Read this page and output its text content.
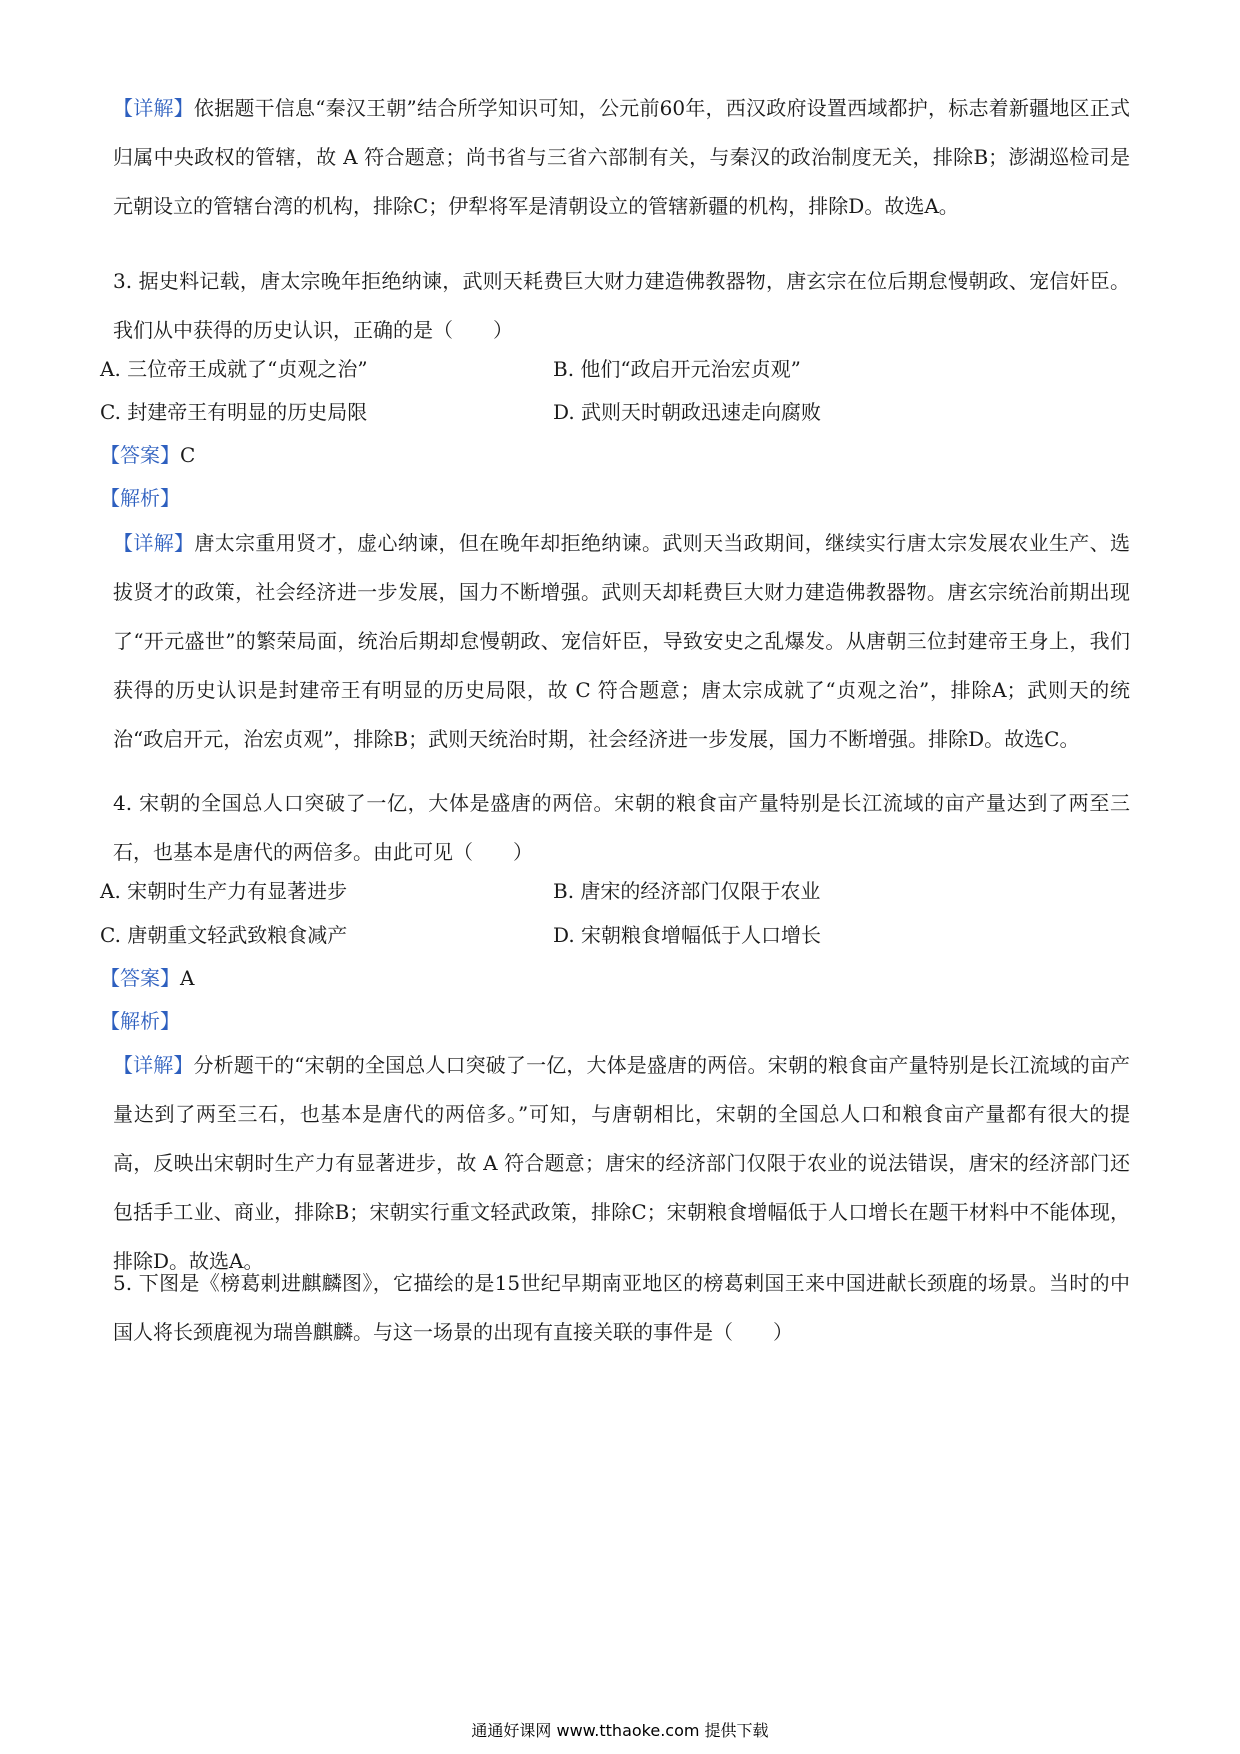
【详解】依据题干信息“秦汉王朝”结合所学知识可知，公元前60年，西汉政府设置西域都护，标志着新疆地区正式归属中央政权的管辖，故 A 符合题意；尚书省与三省六部制有关，与秦汉的政治制度无关，排除B；澎湖巡检司是元朝设立的管辖台湾的机构，排除C；伊犁将军是清朝设立的管辖新疆的机构，排除D。故选A。

3. 据史料记载，唐太宗晚年拒绝纳谏，武则天耗费巨大财力建造佛教器物，唐玄宗在位后期怠慢朝政、宠信奸臣。我们从中获得的历史认识，正确的是（　　）

A. 三位帝王成就了“贞观之治”	B. 他们“政启开元治宏贞观”
C. 封建帝王有明显的历史局限	D. 武则天时朝政迅速走向腐败
【答案】C
【解析】

【详解】唐太宗重用贤才，虚心纳谏，但在晚年却拒绝纳谏。武则天当政期间，继续实行唐太宗发展农业生产、选拔贤才的政策，社会经济进一步发展，国力不断增强。武则天却耗费巨大财力建造佛教器物。唐玄宗统治前期出现了“开元盛世”的繁荣局面，统治后期却怠慢朝政、宠信奸臣，导致安史之乱爆发。从唐朝三位封建帝王身上，我们获得的历史认识是封建帝王有明显的历史局限，故 C 符合题意；唐太宗成就了“贞观之治”，排除A；武则天的统治“政启开元，治宏贞观”，排除B；武则天统治时期，社会经济进一步发展，国力不断增强。排除D。故选C。

4. 宋朝的全国总人口突破了一亿，大体是盛唐的两倍。宋朝的粮食亩产量特别是长江流域的亩产量达到了两至三石，也基本是唐代的两倍多。由此可见（　　）

A. 宋朝时生产力有显著进步	B. 唐宋的经济部门仅限于农业
C. 唐朝重文轻武致粮食减产	D. 宋朝粮食增幅低于人口增长
【答案】A
【解析】

【详解】分析题干的“宋朝的全国总人口突破了一亿，大体是盛唐的两倍。宋朝的粮食亩产量特别是长江流域的亩产量达到了两至三石，也基本是唐代的两倍多。”可知，与唐朝相比，宋朝的全国总人口和粮食亩产量都有很大的提高，反映出宋朝时生产力有显著进步，故 A 符合题意；唐宋的经济部门仅限于农业的说法错误，唐宋的经济部门还包括手工业、商业，排除B；宋朝实行重文轻武政策，排除C；宋朝粮食增幅低于人口增长在题干材料中不能体现，排除D。故选A。

5. 下图是《榜葛剌进麒麟图》，它描绘的是15世纪早期南亚地区的榜葛剌国王来中国进献长颈鹿的场景。当时的中国人将长颈鹿视为瑞兽麒麟。与这一场景的出现有直接关联的事件是（　　）

通通好课网 www.tthaoke.com 提供下载
